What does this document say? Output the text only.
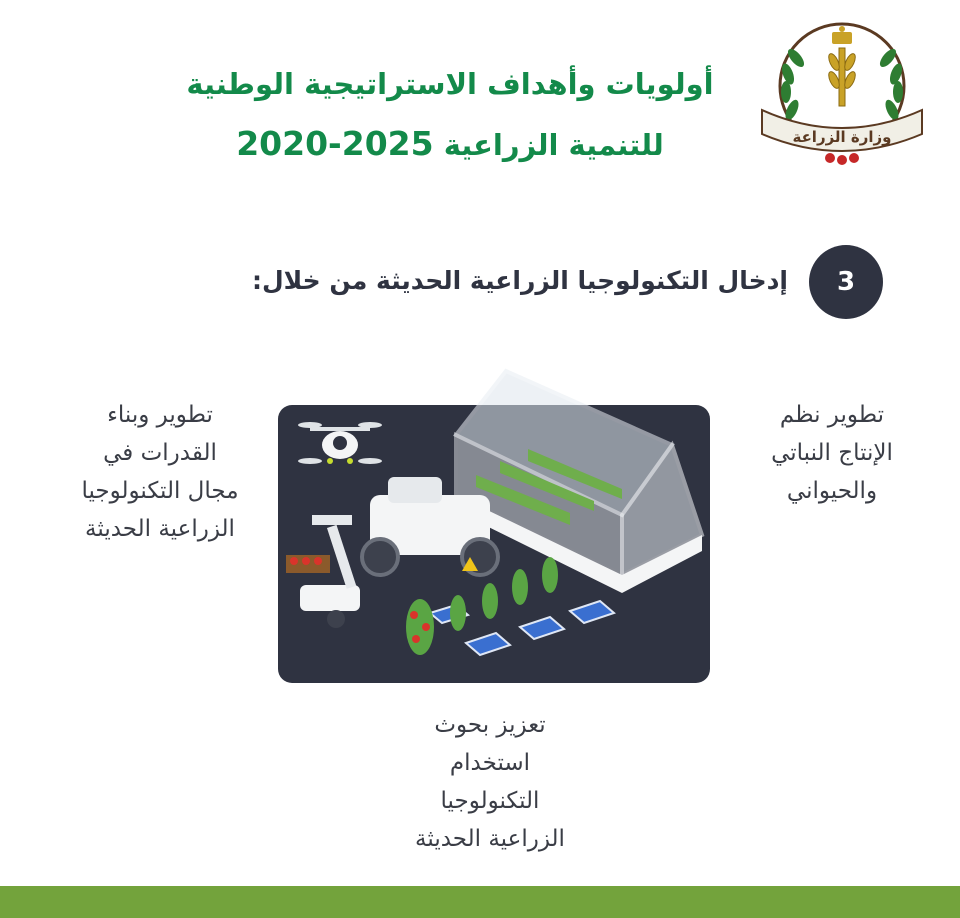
وزارة الزراعة
أولويات وأهداف الاستراتيجية الوطنية
للتنمية الزراعية 2020-2025
3
إدخال التكنولوجيا الزراعية الحديثة من خلال:
تطوير نظم
الإنتاج النباتي
والحيواني
تطوير وبناء
القدرات في
مجال التكنولوجيا
الزراعية الحديثة
تعزيز بحوث
استخدام
التكنولوجيا
الزراعية الحديثة
